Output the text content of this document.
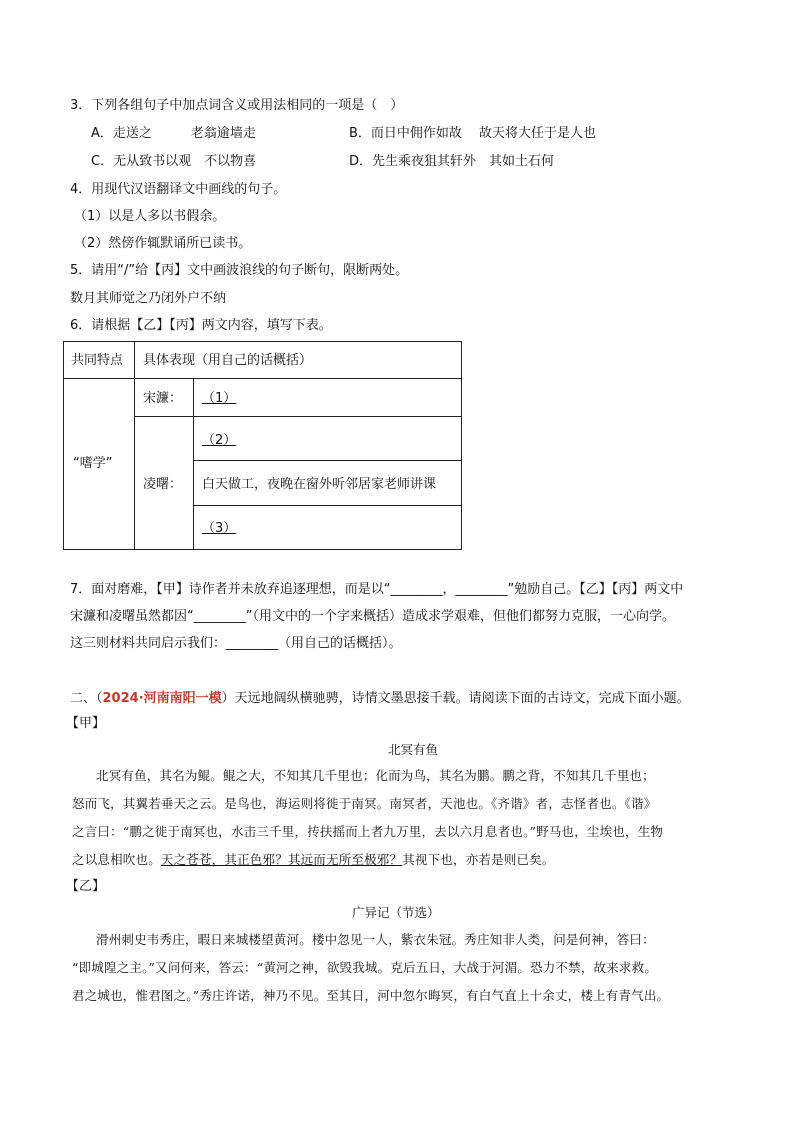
3．下列各组句子中加点词含义或用法相同的一项是（　）
A．走送之　　　老翁逾墙走	B．而日中佣作如故　 故天将大任于是人也
C．无从致书以观　不以物喜	D．先生乘夜狙其轩外　其如土石何
4．用现代汉语翻译文中画线的句子。
（1）以是人多以书假余。
（2）然傍作辄默诵所已读书。
5．请用“/”给【丙】文中画波浪线的句子断句，限断两处。
数月其师觉之乃闭外户不纳
6．请根据【乙】【丙】两文内容，填写下表。
共同特点 具体表现（用自己的话概括）
“嗜学”
宋濂：
凌曙：
（1）
（2）
白天做工，夜晚在窗外听邻居家老师讲课
（3）
7．面对磨难，【甲】诗作者并未放弃追逐理想，而是以“________，________”勉励自己。【乙】【丙】两文中
宋濂和凌曙虽然都因“________”（用文中的一个字来概括）造成求学艰难，但他们都努力克服，一心向学。
这三则材料共同启示我们：________（用自己的话概括）。
二、（2024·河南南阳一模）天远地阔纵横驰骋，诗情文墨思接千载。请阅读下面的古诗文，完成下面小题。
【甲】
北冥有鱼
北冥有鱼，其名为鲲。鲲之大，不知其几千里也；化而为鸟，其名为鹏。鹏之背，不知其几千里也；
怒而飞，其翼若垂天之云。是鸟也，海运则将徙于南冥。南冥者，天池也。《齐谐》者，志怪者也。《谐》
之言曰：“鹏之徙于南冥也，水击三千里，抟扶摇而上者九万里，去以六月息者也。”野马也，尘埃也，生物
之以息相吹也。天之苍苍，其正色邪？其远而无所至极邪？其视下也，亦若是则已矣。
【乙】
广异记（节选）
滑州刺史韦秀庄，暇日来城楼望黄河。楼中忽见一人，紫衣朱冠。秀庄知非人类，问是何神，答曰：
“即城隍之主。”又问何来，答云：“黄河之神，欲毁我城。克后五日，大战于河湄。恐力不禁，故来求救。
君之城也，惟君图之。”秀庄许诺，神乃不见。至其日，河中忽尔晦冥，有白气直上十余丈，楼上有青气出。
